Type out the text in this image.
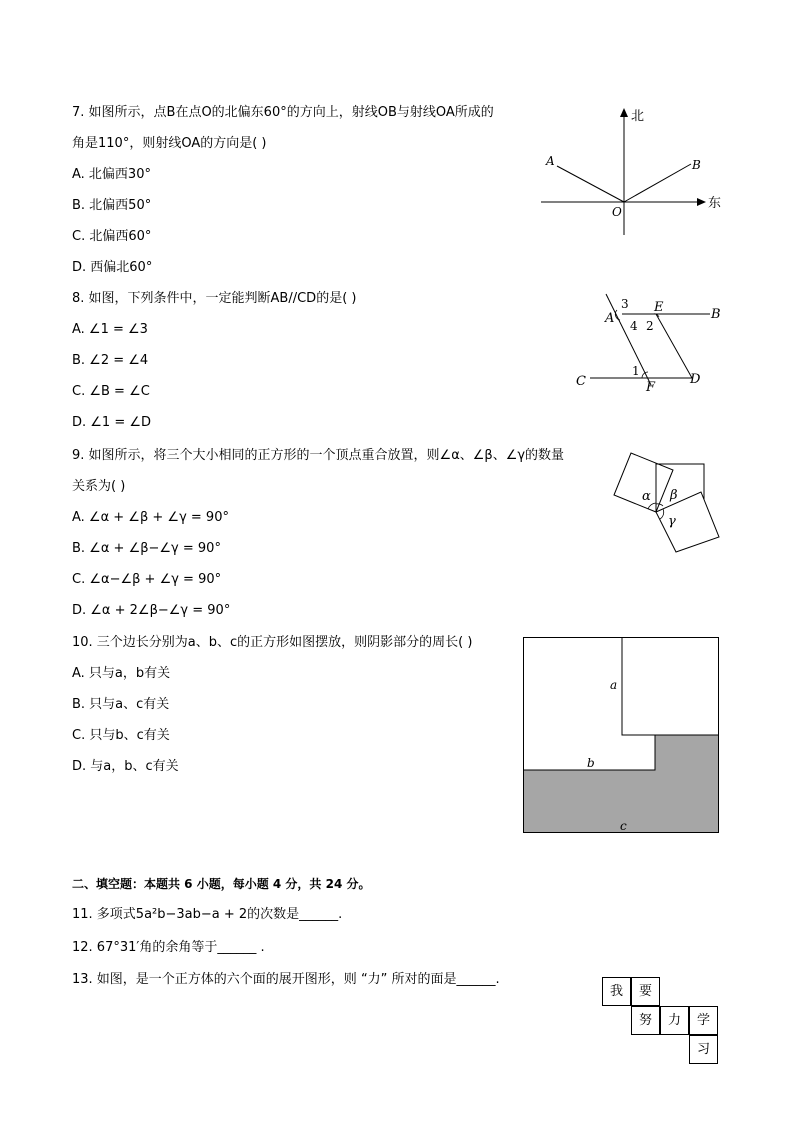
7. 如图所示，点B在点O的北偏东60°的方向上，射线OB与射线OA所成的
角是110°，则射线OA的方向是( )
A. 北偏西30°
B. 北偏西50°
C. 北偏西60°
D. 西偏北60°
北
东
A	B
O
8. 如图，下列条件中，一定能判断AB//CD的是( )
A. ∠1 = ∠3
B. ∠2 = ∠4
C. ∠B = ∠C
D. ∠1 = ∠D
A	B
C	D
E
F
1
2
3
4
9. 如图所示，将三个大小相同的正方形的一个顶点重合放置，则∠α、∠β、∠γ的数量
关系为( )
A. ∠α + ∠β + ∠γ = 90°
B. ∠α + ∠β−∠γ = 90°
C. ∠α−∠β + ∠γ = 90°
D. ∠α + 2∠β−∠γ = 90°
α β
γ
10. 三个边长分别为a、b、c的正方形如图摆放，则阴影部分的周长( )
A. 只与a，b有关
B. 只与a、c有关
C. 只与b、c有关
D. 与a，b、c有关
a
b
c
二、填空题：本题共 6 小题，每小题 4 分，共 24 分。
11. 多项式5a²b−3ab−a + 2的次数是______.
12. 67°31′角的余角等于______ .
13. 如图，是一个正方体的六个面的展开图形，则 “力” 所对的面是______.
我	要
努	力	学
习
